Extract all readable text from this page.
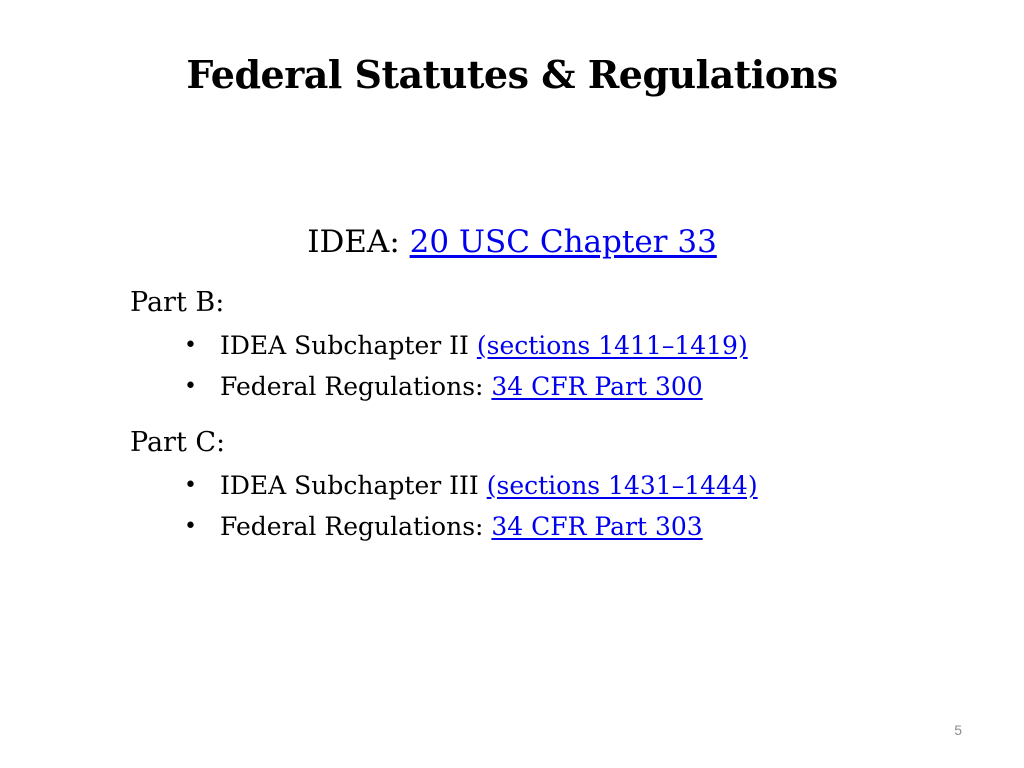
Federal Statutes & Regulations
IDEA: 20 USC Chapter 33
Part B:
• IDEA Subchapter II (sections 1411–1419)
• Federal Regulations: 34 CFR Part 300
Part C:
• IDEA Subchapter III (sections 1431–1444)
• Federal Regulations: 34 CFR Part 303
5
